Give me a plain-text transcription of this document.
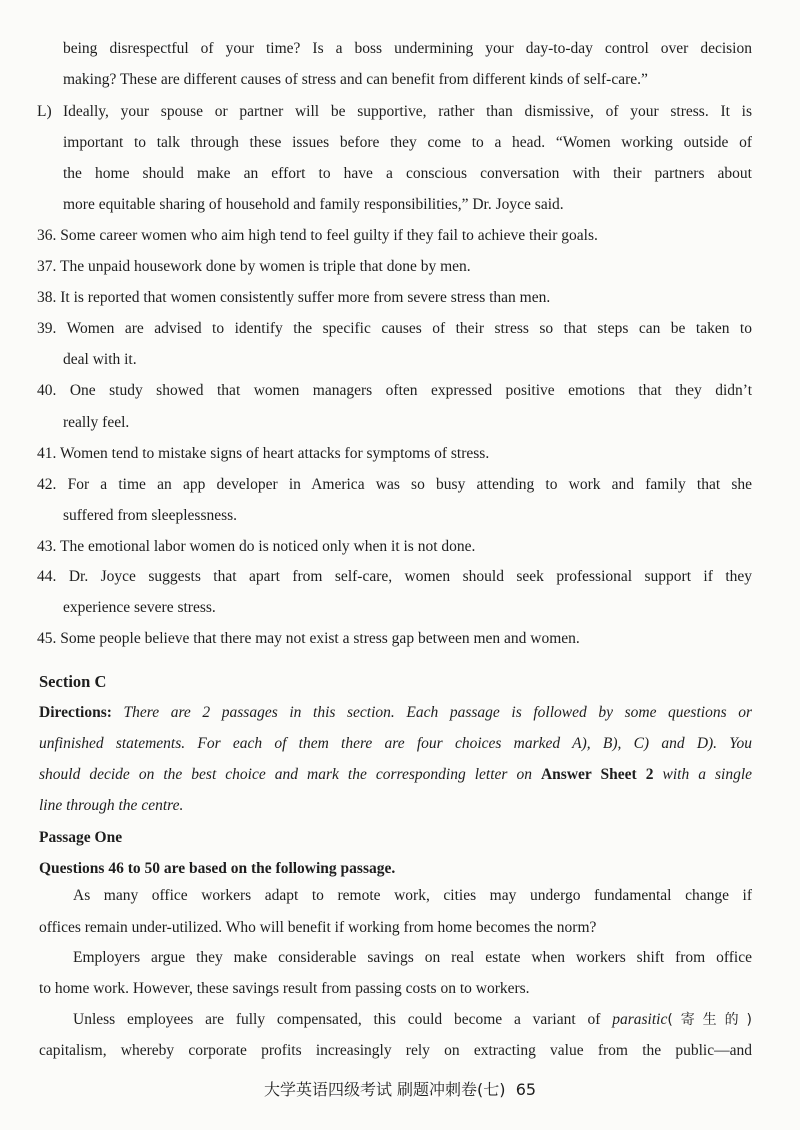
being disrespectful of your time? Is a boss undermining your day-to-day control over decision
making? These are different causes of stress and can benefit from different kinds of self-care.”
L) Ideally, your spouse or partner will be supportive, rather than dismissive, of your stress. It is
important to talk through these issues before they come to a head. “Women working outside of
the home should make an effort to have a conscious conversation with their partners about
more equitable sharing of household and family responsibilities,” Dr. Joyce said.
36. Some career women who aim high tend to feel guilty if they fail to achieve their goals.
37. The unpaid housework done by women is triple that done by men.
38. It is reported that women consistently suffer more from severe stress than men.
39. Women are advised to identify the specific causes of their stress so that steps can be taken to
deal with it.
40. One study showed that women managers often expressed positive emotions that they didn’t
really feel.
41. Women tend to mistake signs of heart attacks for symptoms of stress.
42. For a time an app developer in America was so busy attending to work and family that she
suffered from sleeplessness.
43. The emotional labor women do is noticed only when it is not done.
44. Dr. Joyce suggests that apart from self-care, women should seek professional support if they
experience severe stress.
45. Some people believe that there may not exist a stress gap between men and women.
Section C
Directions: There are 2 passages in this section. Each passage is followed by some questions or
unfinished statements. For each of them there are four choices marked A), B), C) and D). You
should decide on the best choice and mark the corresponding letter on Answer Sheet 2 with a single
line through the centre.
Passage One
Questions 46 to 50 are based on the following passage.
As many office workers adapt to remote work, cities may undergo fundamental change if
offices remain under-utilized. Who will benefit if working from home becomes the norm?
Employers argue they make considerable savings on real estate when workers shift from office
to home work. However, these savings result from passing costs on to workers.
Unless employees are fully compensated, this could become a variant of parasitic(寄生的)
capitalism, whereby corporate profits increasingly rely on extracting value from the public—and
大学英语四级考试 刷题冲刺卷(七) 65
